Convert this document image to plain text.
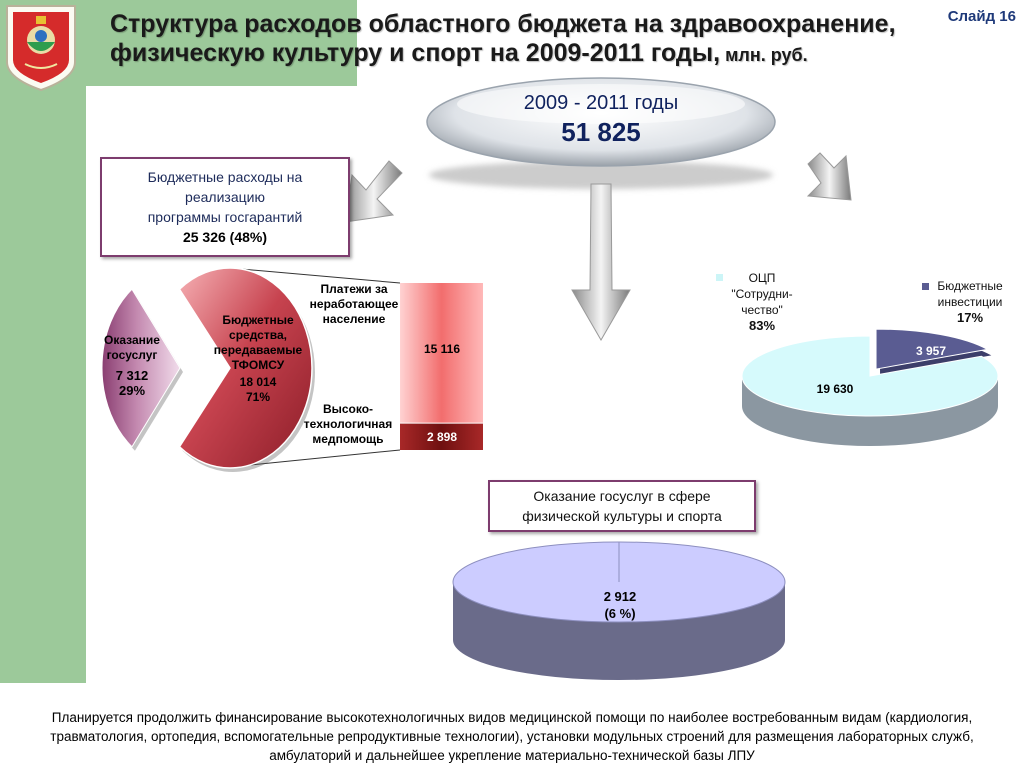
Структура расходов областного бюджета на здравоохранение, физическую культуру и спорт на 2009-2011 годы, млн. руб.
Слайд 16
2009 - 2011 годы
51 825
Бюджетные расходы на
реализацию
программы госгарантий
25 326 (48%)
Оказание госуслуг в сфере
физической культуры и спорта
Бюджетные
средства,
передаваемые
ТФОМСУ
18 014
71%
Оказание
госуслуг
7 312
29%
Платежи за
неработающее
население
Высоко-
технологичная
медпомощь
15 116
2 898
ОЦП
"Сотрудни-
чество"
83%
Бюджетные
инвестиции
17%
19 630
3 957
2 912
(6 %)
Планируется продолжить финансирование высокотехнологичных видов медицинской помощи по наиболее востребованным видам (кардиология, травматология, ортопедия, вспомогательные репродуктивные технологии), установки модульных строений для размещения лабораторных служб, амбулаторий и дальнейшее укрепление материально-технической базы ЛПУ
